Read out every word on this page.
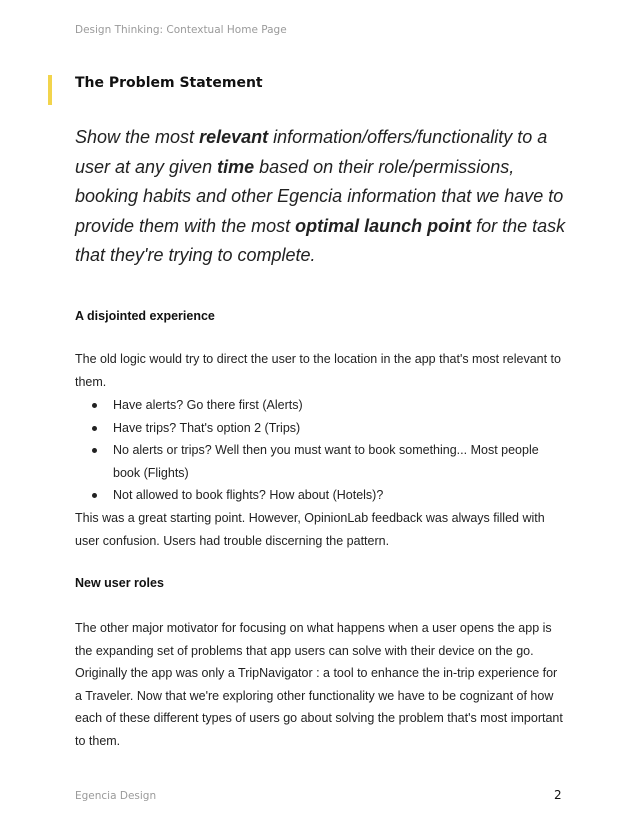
Design Thinking: Contextual Home Page
The Problem Statement
Show the most relevant information/offers/functionality to a user at any given time based on their role/permissions, booking habits and other Egencia information that we have to provide them with the most optimal launch point for the task that they're trying to complete.
A disjointed experience
The old logic would try to direct the user to the location in the app that's most relevant to them.
Have alerts? Go there first (Alerts)
Have trips? That's option 2 (Trips)
No alerts or trips? Well then you must want to book something... Most people book (Flights)
Not allowed to book flights? How about (Hotels)?
This was a great starting point. However, OpinionLab feedback was always filled with user confusion. Users had trouble discerning the pattern.
New user roles
The other major motivator for focusing on what happens when a user opens the app is the expanding set of problems that app users can solve with their device on the go. Originally the app was only a TripNavigator : a tool to enhance the in-trip experience for a Traveler. Now that we're exploring other functionality we have to be cognizant of how each of these different types of users go about solving the problem that's most important to them.
Egencia Design	2
